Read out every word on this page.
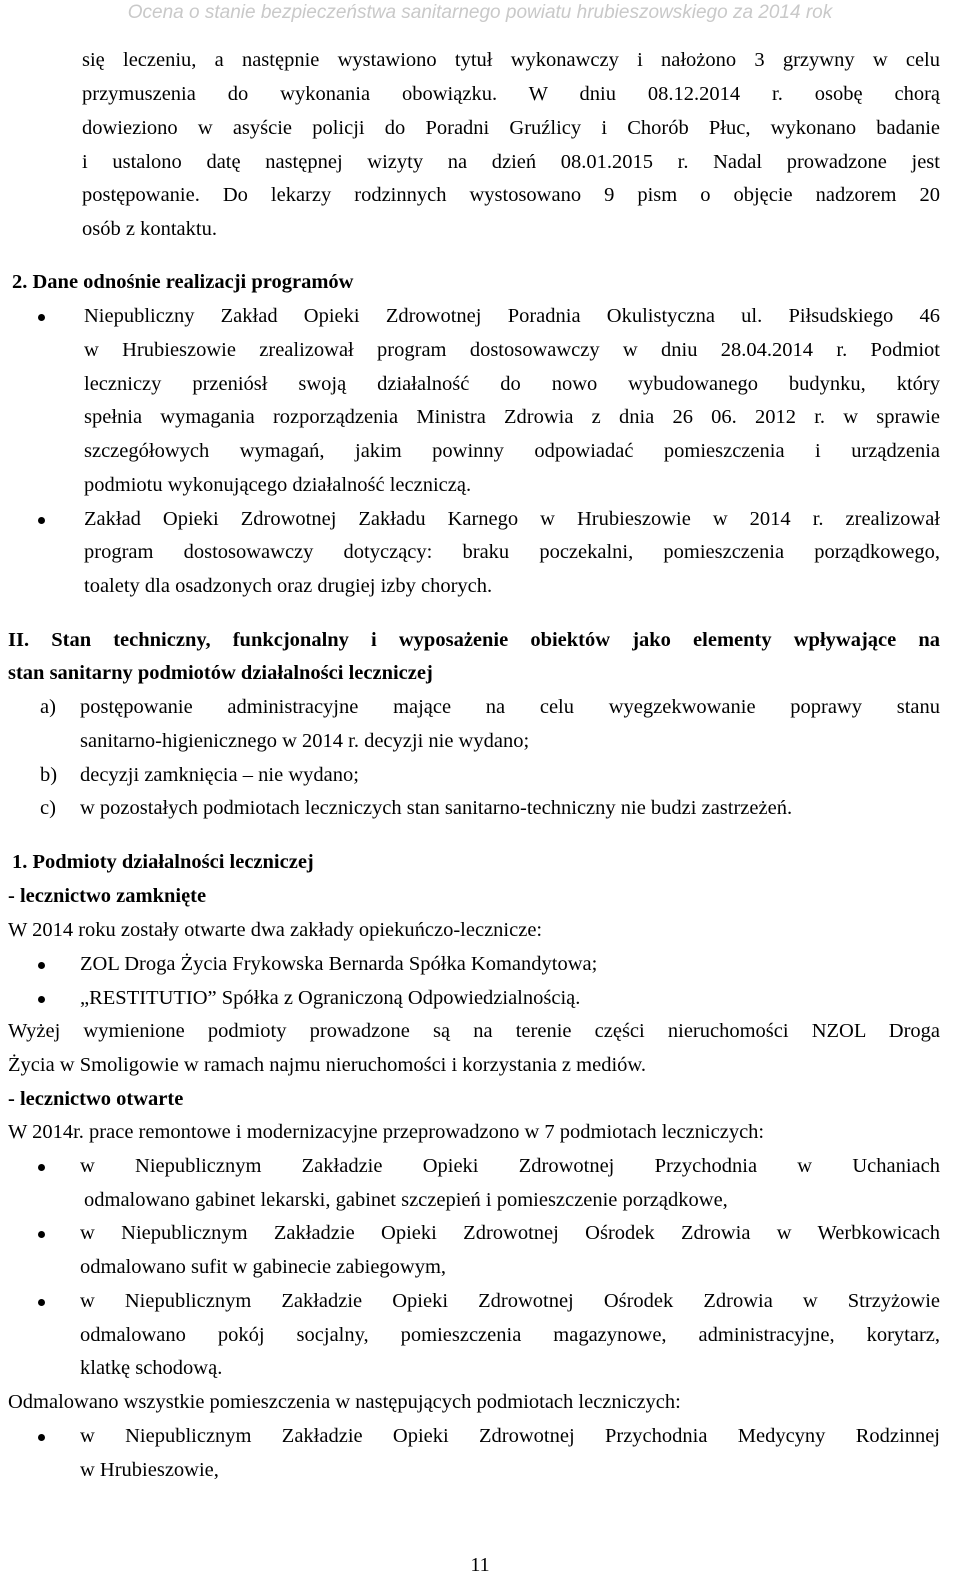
Ocena o stanie bezpieczeństwa sanitarnego powiatu hrubieszowskiego za 2014 rok
się leczeniu, a następnie wystawiono tytuł wykonawczy i nałożono 3 grzywny w celu
przymuszenia do wykonania obowiązku. W dniu 08.12.2014 r. osobę chorą
dowieziono w asyście policji do Poradni Gruźlicy i Chorób Płuc, wykonano badanie
i ustalono datę następnej wizyty na dzień 08.01.2015 r. Nadal prowadzone jest
postępowanie. Do lekarzy rodzinnych wystosowano 9 pism o objęcie nadzorem 20
osób z kontaktu.
2. Dane odnośnie realizacji programów
Niepubliczny Zakład Opieki Zdrowotnej Poradnia Okulistyczna ul. Piłsudskiego 46
w Hrubieszowie zrealizował program dostosowawczy w dniu 28.04.2014 r. Podmiot
leczniczy przeniósł swoją działalność do nowo wybudowanego budynku, który
spełnia wymagania rozporządzenia Ministra Zdrowia z dnia 26 06. 2012 r. w sprawie
szczegółowych wymagań, jakim powinny odpowiadać pomieszczenia i urządzenia
podmiotu wykonującego działalność leczniczą.
Zakład Opieki Zdrowotnej Zakładu Karnego w Hrubieszowie w 2014 r. zrealizował
program dostosowawczy dotyczący: braku poczekalni, pomieszczenia porządkowego,
toalety dla osadzonych oraz drugiej izby chorych.
II. Stan techniczny, funkcjonalny i wyposażenie obiektów jako elementy wpływające na
stan sanitarny podmiotów działalności leczniczej
a) postępowanie administracyjne mające na celu wyegzekwowanie poprawy stanu
sanitarno-higienicznego w 2014 r. decyzji nie wydano;
b) decyzji zamknięcia – nie wydano;
c) w pozostałych podmiotach leczniczych stan sanitarno-techniczny nie budzi zastrzeżeń.
1. Podmioty działalności leczniczej
- lecznictwo zamknięte
W 2014 roku zostały otwarte dwa zakłady opiekuńczo-lecznicze:
ZOL Droga Życia Frykowska Bernarda Spółka Komandytowa;
„RESTITUTIO” Spółka z Ograniczoną Odpowiedzialnością.
Wyżej wymienione podmioty prowadzone są na terenie części nieruchomości NZOL Droga
Życia w Smoligowie w ramach najmu nieruchomości i korzystania z mediów.
- lecznictwo otwarte
W 2014r. prace remontowe i modernizacyjne przeprowadzono w 7 podmiotach leczniczych:
w Niepublicznym Zakładzie Opieki Zdrowotnej Przychodnia w Uchaniach
odmalowano gabinet lekarski, gabinet szczepień i pomieszczenie porządkowe,
w Niepublicznym Zakładzie Opieki Zdrowotnej Ośrodek Zdrowia w Werbkowicach
odmalowano sufit w gabinecie zabiegowym,
w Niepublicznym Zakładzie Opieki Zdrowotnej Ośrodek Zdrowia w Strzyżowie
odmalowano pokój socjalny, pomieszczenia magazynowe, administracyjne, korytarz,
klatkę schodową.
Odmalowano wszystkie pomieszczenia w następujących podmiotach leczniczych:
w Niepublicznym Zakładzie Opieki Zdrowotnej Przychodnia Medycyny Rodzinnej
w Hrubieszowie,
11
